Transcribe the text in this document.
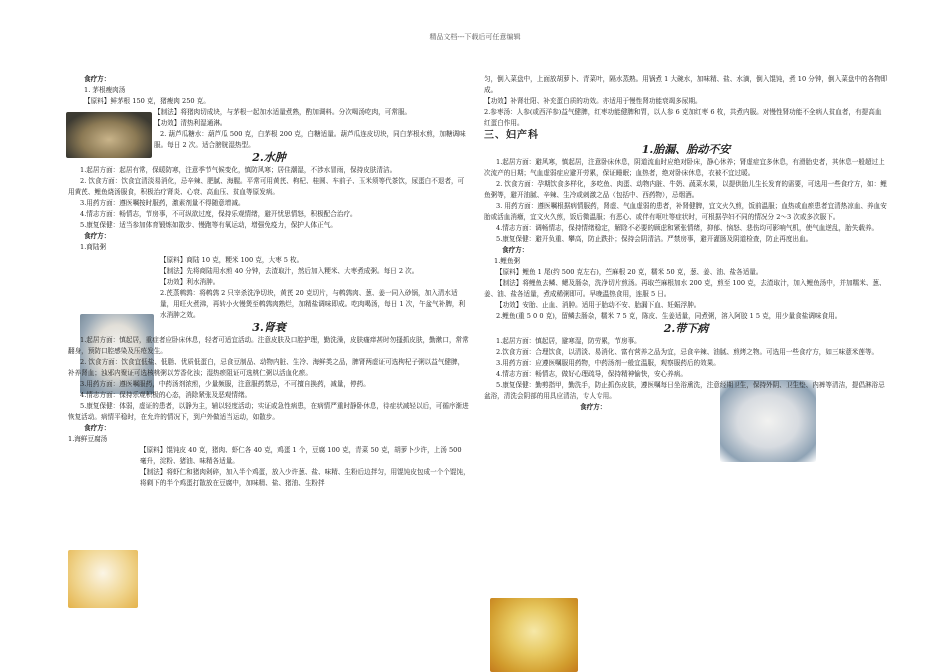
精品文档---下载后可任意编辑

食疗方：

1. 茅根瘦肉汤

【原料】鲜茅根 150 克，猪瘦肉 250 克。

【制法】将猪肉切成块，与茅根一起加水适量煮熟，酌加调料。分次喝汤吃肉，可常服。

【功效】清热利湿通淋。

2. 葫芦瓜糖水：葫芦瓜 500 克，白茅根 200 克，白糖适量。葫芦瓜连皮切块，同白茅根水煎，加糖调味服。每日 2 次。适合膀胱湿热型。

2.水肿

1.起居方面：起居有常，保暖防寒，注意季节气候变化，慎防风寒；居住潮湿，不涉水冒雨，保持皮肤清洁。

2. 饮食方面：饮食宜清淡易消化，忌辛辣、肥腻、海腥。平常可用黄芪、枸杞、桂圆、车前子、玉米须等代茶饮，尿蛋白不退者，可用黄芪、鲤鱼烧汤服食，积极治疗肾炎、心衰、高血压、贫血等原发病。

3.用药方面：遵医嘱按时服药，激素剂量不得随意增减。

4.情志方面：畅情志，节房事，不可纵欲过度，保持乐观情绪，避开忧思情怒，积极配合治疗。

5.康复保健：适当参加体育锻炼如散步、慢跑等有氧运动，增强免疫力，保护人体正气。

食疗方：

1.商陆粥

【原料】商陆 10 克，粳米 100 克，大枣 5 枚。

【制法】先将商陆用水煎 40 分钟，去渣取汁，然后加入粳米、大枣煮成粥。每日 2 次。

【功效】利水消肿。

2.芪蒸鹌鹑：将鹌鹑 2 只宰杀洗净切块，黄芪 20 克切片，与鹌鹑肉、葱、姜一同入砂锅，加入清水适量，用旺火煮沸，再转小火慢煲至鹌鹑肉熟烂，加精盐调味即成。吃肉喝汤，每日 1 次，午盆气补脾，利水消肿之效。

3.肾衰

1.起居方面：慎起居，重症者应卧床休息，轻者可适宜活动。注意皮肤及口腔护理，勤洗澡，皮肤瘙痒甚时勿搔抓皮肤，勤漱口，常常翻身，预防口腔感染及压疮发生。

2. 饮食方面：饮食宜低盐、低脂、优质低蛋白，忌食豆制品、动物内脏、生冷、海鲜类之品，脾肾两虚证可选枸杞子粥以益气健脾，补养肾血；浊邪内聚证可选核桃粥以芳香化浊；湿热瘀阻证可选桃仁粥以活血化瘀。

3.用药方面：遵医嘱服药，中药汤剂浓煎，少量频服，注意服药禁忌，不可擅自换药，减量，停药。

4.情志方面：保持乐观积极的心态，消除紧张及恶观情绪。

5.康复保健：体弱，虚证的患者，以静为主，辅以轻度活动；实证或急性病患，在病情严重时静卧休息，待症状减轻以后，可循序渐进恢复活动。病情平稳时，在允许的情况下，到户外做适当运动，如散步。

食疗方：

1.海鲜豆腐汤

【原料】馄饨皮 40 克，猪肉、虾仁各 40 克，鸡蛋 1 个，豆腐 100 克，青菜 50 克，胡萝卜少许，上汤 500 毫升，淀粉、猪油、味精各适量。

【制法】将虾仁和猪肉剁碎，加入半个鸡蛋，放入少许葱、盐、味精、生粉后边拌匀，用馄饨皮包成一个个馄饨，将剩下的半个鸡蛋打散放在豆腐中，加味精、盐、猪油、生粉拌

匀，倒入菜盘中，上面放胡萝卜、青菜叶，隔水蒸熟。用锅煮 1 大碗水，加味精、盐、水滴，倒入馄饨，煮 10 分钟，倒入菜盘中的各物即成。

【功效】补肾壮阳、补充蛋白质的功效。亦适用于慢性肾功能衰竭多尿期。

2.参枣汤：人参(或西洋参)益气健脾，红枣功能健脾和胃，以人参 6 克加红枣 6 枚，共煮内服。对慢性肾功能不全病人贫血者，有提高血红蛋白作用。

三、妇产科

1.胎漏、胎动不安

1.起居方面：避风寒，慎起居，注意卧床休息，阴道流血时应绝对卧床，静心休养；肾虚症宜多休息，有滑胎史者，其休息一般超过上次流产的日期；气血虚弱症应避开劳累，保证睡眠；血热者，绝对卧床休息，衣被不宜过暖。

2. 饮食方面：孕期饮食多样化，多吃鱼、肉蛋、动物内脏、牛奶、蔬菜水果，以提供胎儿生长发育的需要，可选用一些食疗方，如：鲤鱼粥等，避开油腻、辛辣、生冷或刺激之品（包括中、西药物），忌烟酒。

3. 用药方面：遵医嘱根据病情服药，肾虚、气血虚弱的患者，补肾健脾，宜文火久煎，饭前温服；血热或血瘀患者宜清热凉血、养血安胎或活血消癥，宜文火久煎，饭后微温服；有恶心、或伴有呕吐等症状时，可根据孕妇不同的情况分 2～3 次或多次服下。

4.情志方面：调畅情志，保持情绪稳定，解除不必要的顾虑和紧张情绪，抑郁、恼怒、悲伤均可影响气机，使气血逆乱，胎失载养。

5.康复保健：避开负重、攀高，防止跌扑；保持会阴清洁。严禁房事，避开灌肠及阴道检查，防止再度出血。

食疗方：

1.鲤鱼粥

【原料】鲤鱼 1 尾(约 500 克左右)，苎麻根 20 克，糯米 50 克，葱、姜、油、盐各适量。

【制法】将鲤鱼去鳞、鳃及肠杂，洗净切片煎汤。再取苎麻根加水 200 克，煎至 100 克，去渣取汁，加入鲤鱼汤中，并加糯米、葱、姜、油、盐各适量，煮成稀粥即可。早晚温热食用，连服 5 日。

【功效】安胎、止血、消肿。适用于胎动不安、胎漏下血、妊娠浮肿。

2.鲤鱼(重 5 0 0 克)，留鳞去肠杂，糯米 7 5 克，陈皮、生姜适量，同煮粥，溶入阿胶 1 5 克，用少量食盐调味食用。

2.带下病

1.起居方面：慎起居，避寒湿，防劳累，节房事。

2.饮食方面：合理饮食，以清淡、易消化、富有营养之品为宜，忌食辛辣、油腻、煎烤之物。可选用一些食疗方，如三味薏米莲等。

3.用药方面：应遵医嘱服用药物，中药汤剂一般宜温服，观察服药后的效果。

4.情志方面：畅情志，做好心理疏导，保持精神愉快，安心养病。

5.康复保健：勤剪指甲，勤洗手，防止抓伤皮肤，遵医嘱每日坐浴熏洗，注意经期卫生，保持外阴、卫生垫、内裤等清洁，提倡淋浴忌盆浴，清洗会阴部的用具应清洁，专人专用。

食疗方：
